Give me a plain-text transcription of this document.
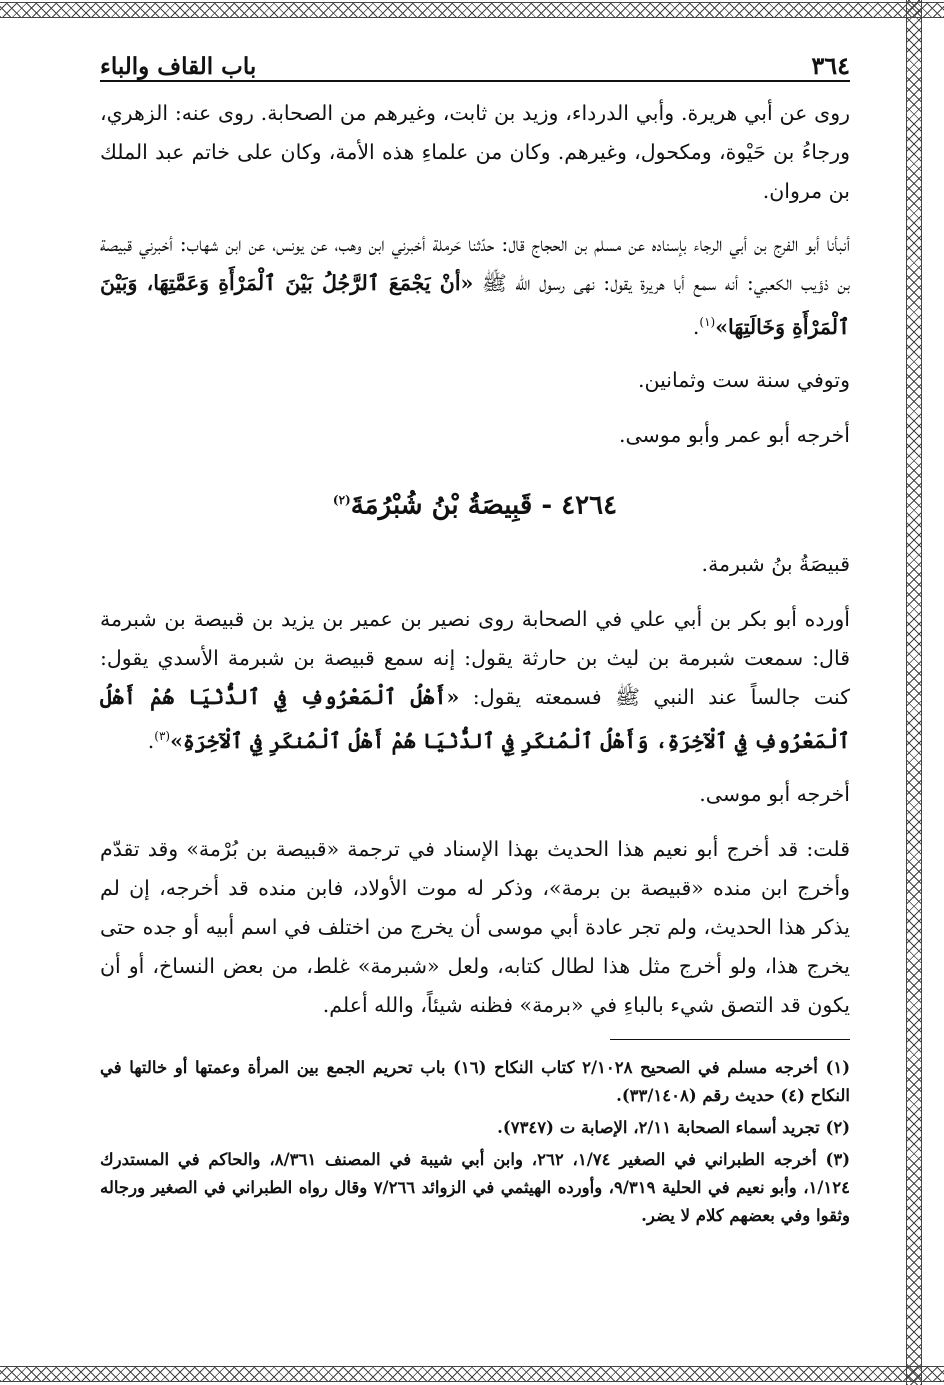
٣٦٤
باب القاف والباء

روى عن أبي هريرة. وأبي الدرداء، وزيد بن ثابت، وغيرهم من الصحابة. روى عنه: الزهري، ورجاءُ بن حَيْوة، ومكحول، وغيرهم. وكان من علماءِ هذه الأمة، وكان على خاتم عبد الملك بن مروان.

أنبأنا أبو الفرج بن أبي الرجاء بإسناده عن مسلم بن الحجاج قال: حدّثنا حَرملة أخبرني ابن وهب، عن يونس، عن ابن شهاب: أخبرني قبيصة بن ذؤيب الكعبي: أنه سمع أبا هريرة يقول: نهى رسول الله ﷺ «أنْ يَجْمَعَ ٱلرَّجُلُ بَيْنَ ٱلْمَرْأَةِ وَعَمَّتِهَا، وَبَيْنَ ٱلْمَرْأَةِ وَخَالَتِهَا»$^{(١)}$.

وتوفي سنة ست وثمانين.

أخرجه أبو عمر وأبو موسى.

٤٢٦٤ - قَبِيصَةُ بْنُ شُبْرُمَةَ$^{(٢)}$

قبيصَةُ بنُ شبرمة.

أورده أبو بكر بن أبي علي في الصحابة روى نصير بن عمير بن يزيد بن قبيصة بن شبرمة قال: سمعت شبرمة بن ليث بن حارثة يقول: إنه سمع قبيصة بن شبرمة الأسدي يقول: كنت جالساً عند النبي ﷺ فسمعته يقول: «أَهْلُ ٱلْمَعْرُوفِ فِي ٱلدُّنْيَا هُمْ أَهْلُ ٱلْمَعْرُوفِ فِي ٱلْآخِرَةِ، وَأَهْلُ ٱلْمُنكَرِ فِي ٱلدُّنْيَا هُمْ أَهْلُ ٱلْمُنكَرِ فِي ٱلْآخِرَةِ»$^{(٣)}$.

أخرجه أبو موسى.

قلت: قد أخرج أبو نعيم هذا الحديث بهذا الإسناد في ترجمة «قبيصة بن بُرْمة» وقد تقدّم وأخرج ابن منده «قبيصة بن برمة»، وذكر له موت الأولاد، فابن منده قد أخرجه، إن لم يذكر هذا الحديث، ولم تجر عادة أبي موسى أن يخرج من اختلف في اسم أبيه أو جده حتى يخرج هذا، ولو أخرج مثل هذا لطال كتابه، ولعل «شبرمة» غلط، من بعض النساخ، أو أن يكون قد التصق شيء بالباءِ في «برمة» فظنه شيئاً، والله أعلم.

(١) أخرجه مسلم في الصحيح ٢/١٠٢٨ كتاب النكاح (١٦) باب تحريم الجمع بين المرأة وعمتها أو خالتها في النكاح (٤) حديث رقم (٣٣/١٤٠٨).

(٢) تجريد أسماء الصحابة ٢/١١، الإصابة ت (٧٣٤٧).

(٣) أخرجه الطبراني في الصغير ١/٧٤، ٢٦٢، وابن أبي شيبة في المصنف ٨/٣٦١، والحاكم في المستدرك ١/١٢٤، وأبو نعيم في الحلية ٩/٣١٩، وأورده الهيثمي في الزوائد ٧/٢٦٦ وقال رواه الطبراني في الصغير ورجاله وثقوا وفي بعضهم كلام لا يضر.
